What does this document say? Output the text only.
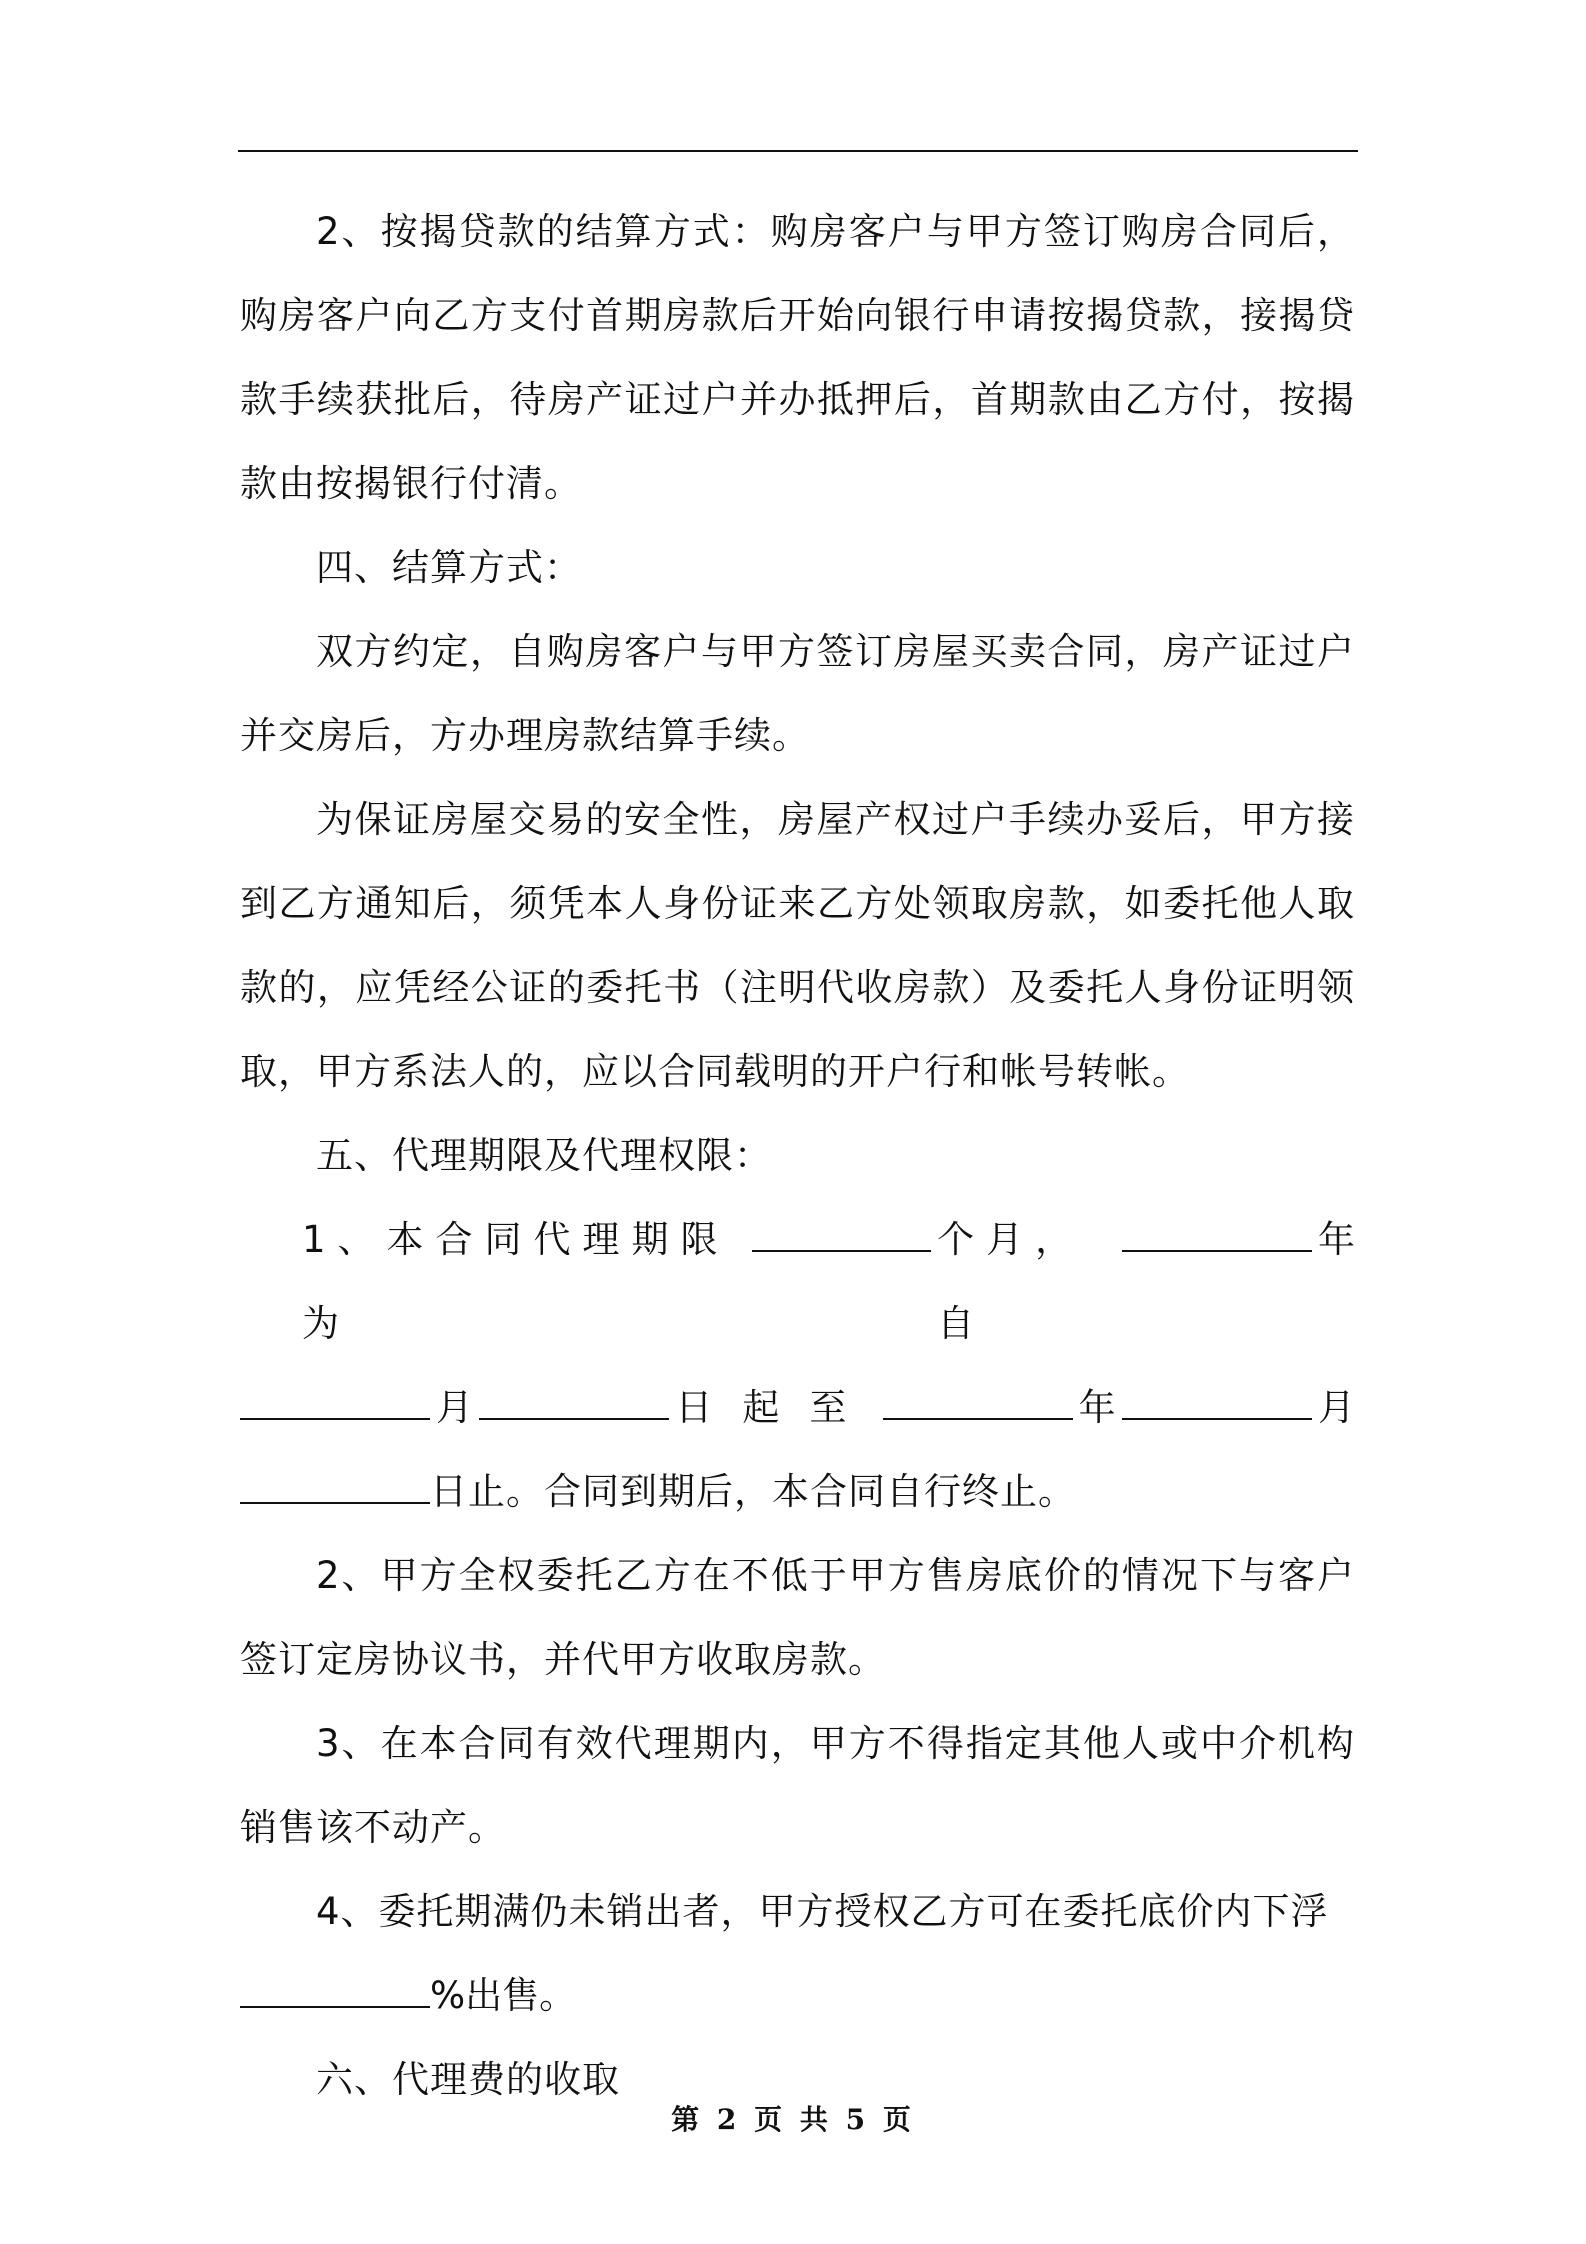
2、按揭贷款的结算方式：购房客户与甲方签订购房合同后，购房客户向乙方支付首期房款后开始向银行申请按揭贷款，接揭贷款手续获批后，待房产证过户并办抵押后，首期款由乙方付，按揭款由按揭银行付清。

四、结算方式：

双方约定，自购房客户与甲方签订房屋买卖合同，房产证过户并交房后，方办理房款结算手续。

为保证房屋交易的安全性，房屋产权过户手续办妥后，甲方接到乙方通知后，须凭本人身份证来乙方处领取房款，如委托他人取款的，应凭经公证的委托书（注明代收房款）及委托人身份证明领取，甲方系法人的，应以合同载明的开户行和帐号转帐。

五、代理期限及代理权限：

1、本合同代理期限为
个月，自
年
月	日起至	年	月
日止。合同到期后，本合同自行终止。

2、甲方全权委托乙方在不低于甲方售房底价的情况下与客户签订定房协议书，并代甲方收取房款。

3、在本合同有效代理期内，甲方不得指定其他人或中介机构销售该不动产。

4、委托期满仍未销出者，甲方授权乙方可在委托底价内下浮

%出售。

六、代理费的收取

第 2 页 共 5 页
